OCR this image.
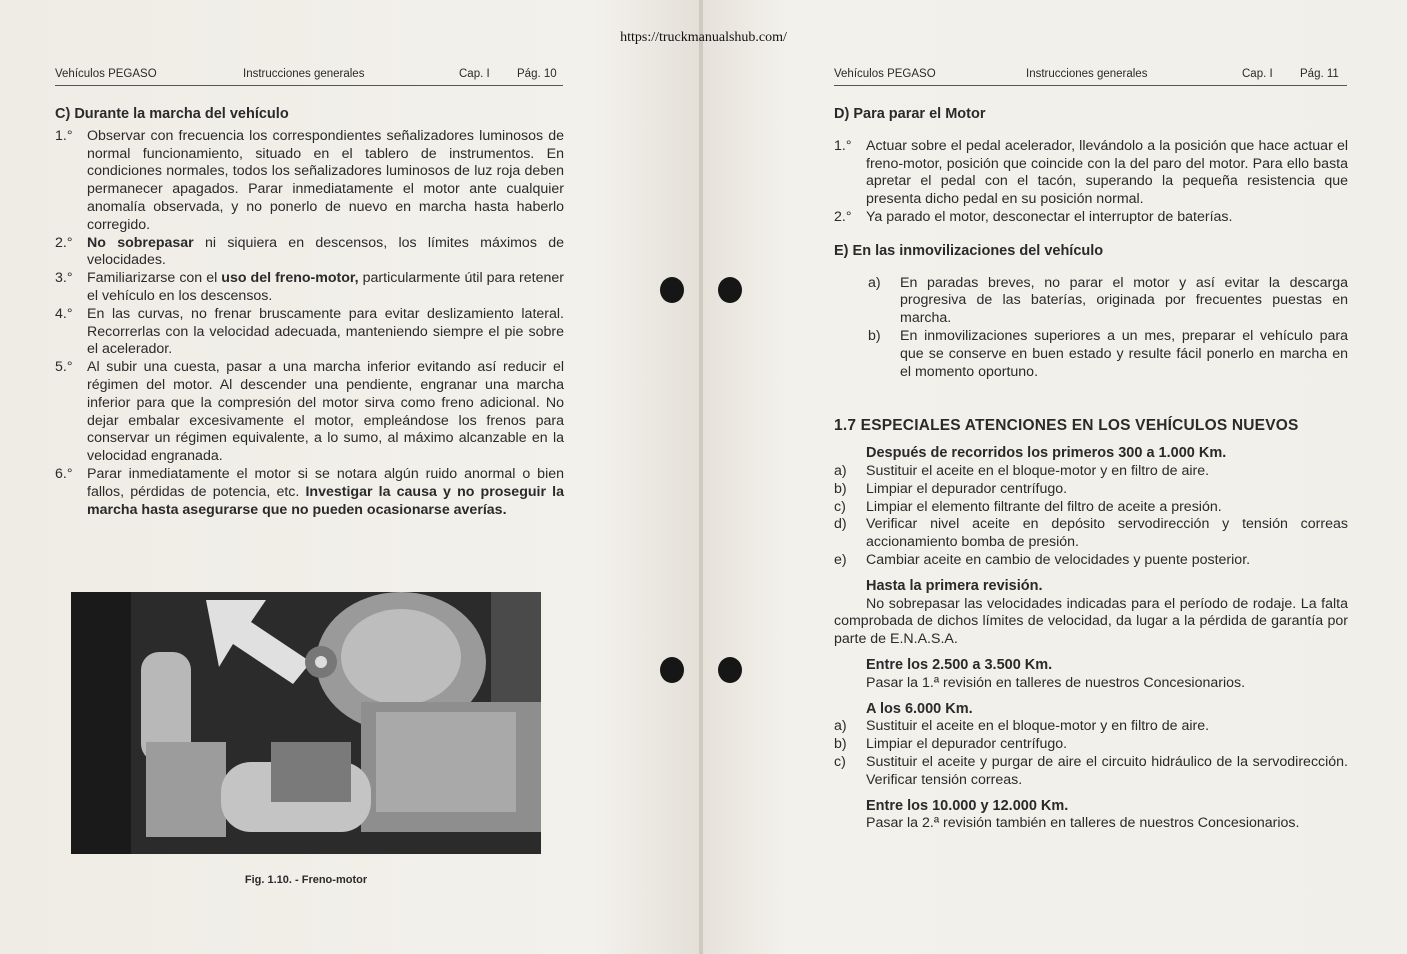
https://truckmanualshub.com/
Vehículos PEGASO	Instrucciones generales	Cap. I Pág. 10

C) Durante la marcha del vehículo

1.° Observar con frecuencia los correspondientes señalizadores luminosos de normal funcionamiento, situado en el tablero de instrumentos. En condiciones normales, todos los señalizadores luminosos de luz roja deben permanecer apagados. Parar inmediatamente el motor ante cualquier anomalía observada, y no ponerlo de nuevo en marcha hasta haberlo corregido.

2.° No sobrepasar ni siquiera en descensos, los límites máximos de velocidades.

3.° Familiarizarse con el uso del freno-motor, particularmente útil para retener el vehículo en los descensos.

4.° En las curvas, no frenar bruscamente para evitar deslizamiento lateral. Recorrerlas con la velocidad adecuada, manteniendo siempre el pie sobre el acelerador.

5.° Al subir una cuesta, pasar a una marcha inferior evitando así reducir el régimen del motor. Al descender una pendiente, engranar una marcha inferior para que la compresión del motor sirva como freno adicional. No dejar embalar excesivamente el motor, empleándose los frenos para conservar un régimen equivalente, a lo sumo, al máximo alcanzable en la velocidad engranada.

6.° Parar inmediatamente el motor si se notara algún ruido anormal o bien fallos, pérdidas de potencia, etc. Investigar la causa y no proseguir la marcha hasta asegurarse que no pueden ocasionarse averías.

Fig. 1.10. - Freno-motor
Vehículos PEGASO	Instrucciones generales	Cap. I Pág. 11

D) Para parar el Motor

1.° Actuar sobre el pedal acelerador, llevándolo a la posición que hace actuar el freno-motor, posición que coincide con la del paro del motor. Para ello basta apretar el pedal con el tacón, superando la pequeña resistencia que presenta dicho pedal en su posición normal.

2.° Ya parado el motor, desconectar el interruptor de baterías.

E) En las inmovilizaciones del vehículo

a) En paradas breves, no parar el motor y así evitar la descarga progresiva de las baterías, originada por frecuentes puestas en marcha.

b) En inmovilizaciones superiores a un mes, preparar el vehículo para que se conserve en buen estado y resulte fácil ponerlo en marcha en el momento oportuno.

1.7 ESPECIALES ATENCIONES EN LOS VEHÍCULOS NUEVOS

Después de recorridos los primeros 300 a 1.000 Km.

a) Sustituir el aceite en el bloque-motor y en filtro de aire.

b) Limpiar el depurador centrífugo.

c) Limpiar el elemento filtrante del filtro de aceite a presión.

d) Verificar nivel aceite en depósito servodirección y tensión correas accionamiento bomba de presión.

e) Cambiar aceite en cambio de velocidades y puente posterior.

Hasta la primera revisión.

No sobrepasar las velocidades indicadas para el período de rodaje. La falta comprobada de dichos límites de velocidad, da lugar a la pérdida de garantía por parte de E.N.A.S.A.

Entre los 2.500 a 3.500 Km.

Pasar la 1.ª revisión en talleres de nuestros Concesionarios.

A los 6.000 Km.

a) Sustituir el aceite en el bloque-motor y en filtro de aire.

b) Limpiar el depurador centrífugo.

c) Sustituir el aceite y purgar de aire el circuito hidráulico de la servodirección. Verificar tensión correas.

Entre los 10.000 y 12.000 Km.

Pasar la 2.ª revisión también en talleres de nuestros Concesionarios.
